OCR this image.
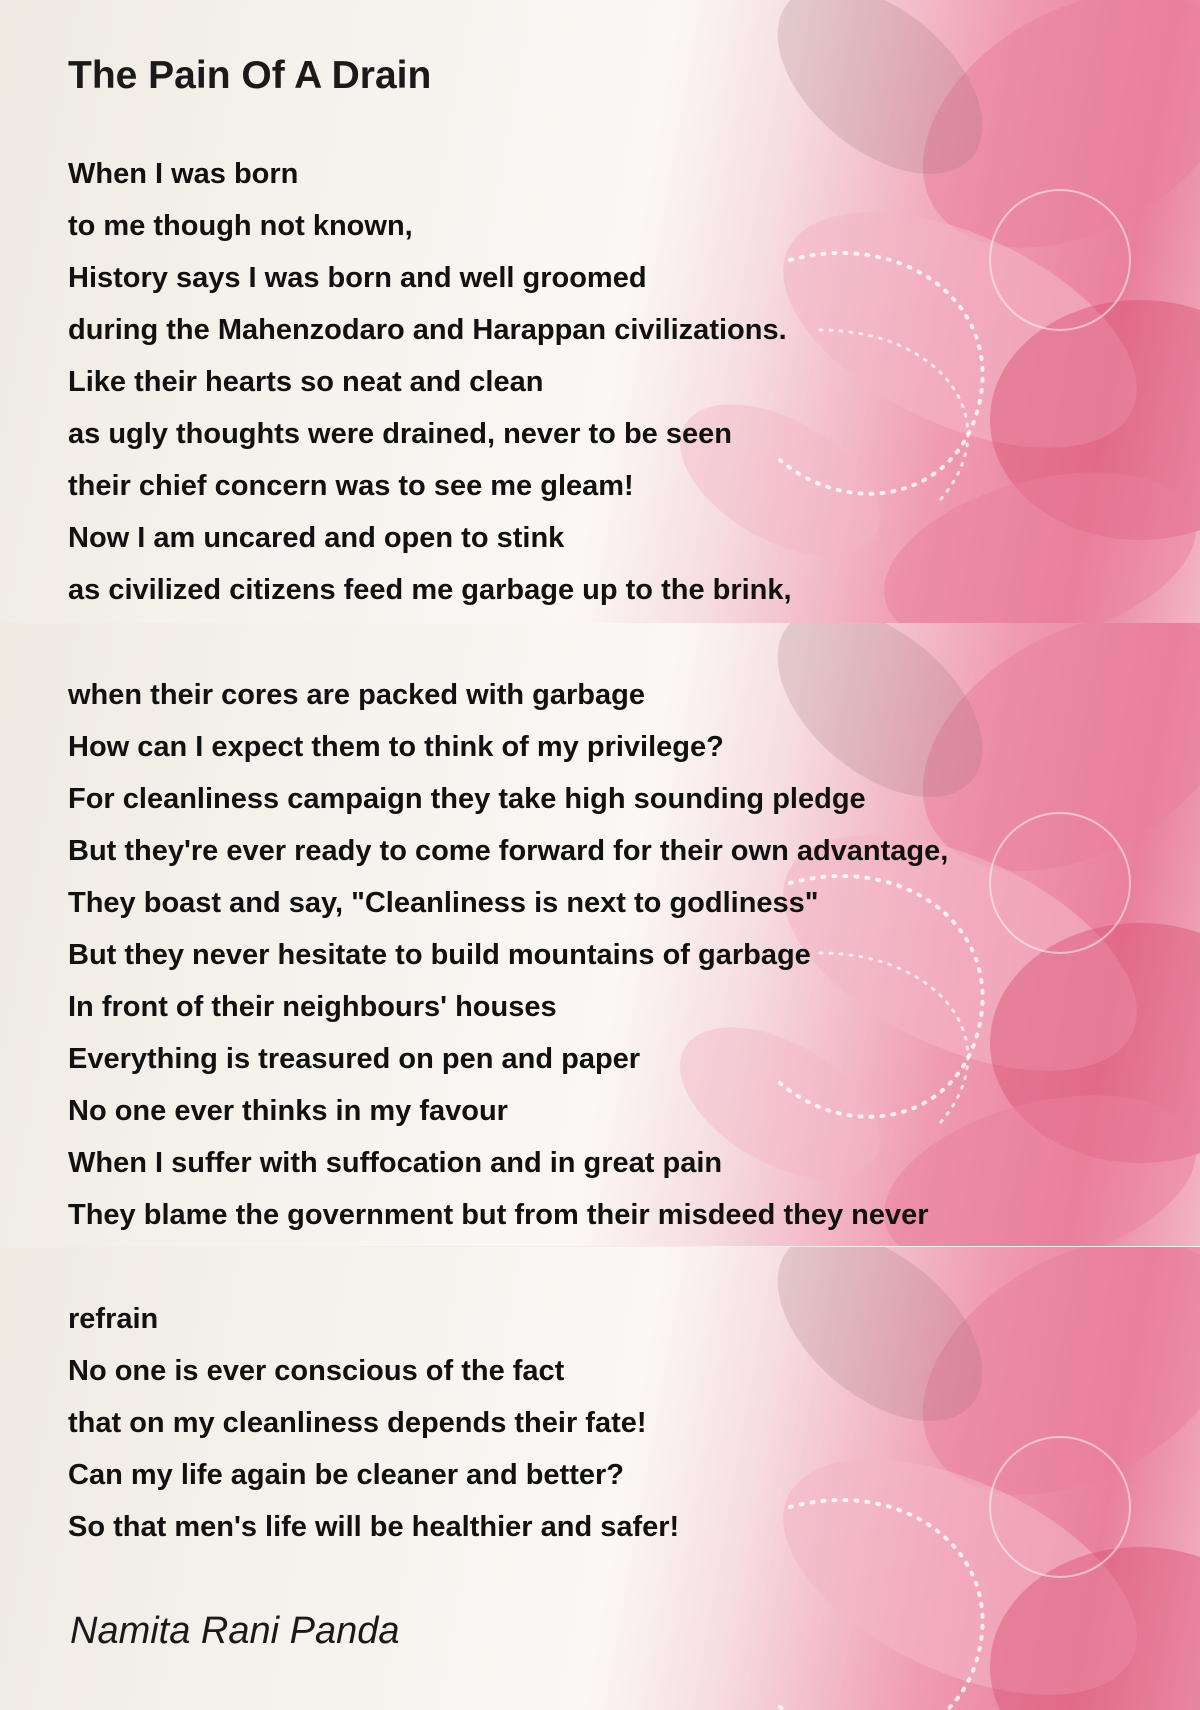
The Pain Of A Drain
When I was born
to me though not known,
History says I was born and well groomed
during the Mahenzodaro and Harappan civilizations.
Like their hearts so neat and clean
as ugly thoughts were drained, never to be seen
their chief concern was to see me gleam!
Now I am uncared and open to stink
as civilized citizens feed me garbage up to the brink,
when their cores are packed with garbage
How can I expect them to think of my privilege?
For cleanliness campaign they take high sounding pledge
But they're ever ready to come forward for their own advantage,
They boast and say, "Cleanliness is next to godliness"
But they never hesitate to build mountains of garbage
In front of their neighbours' houses
Everything is treasured on pen and paper
No one ever thinks in my favour
When I suffer with suffocation and in great pain
They blame the government but from their misdeed they never
refrain
No one is ever conscious of the fact
that on my cleanliness depends their fate!
Can my life again be cleaner and better?
So that men's life will be healthier and safer!
Namita Rani Panda
